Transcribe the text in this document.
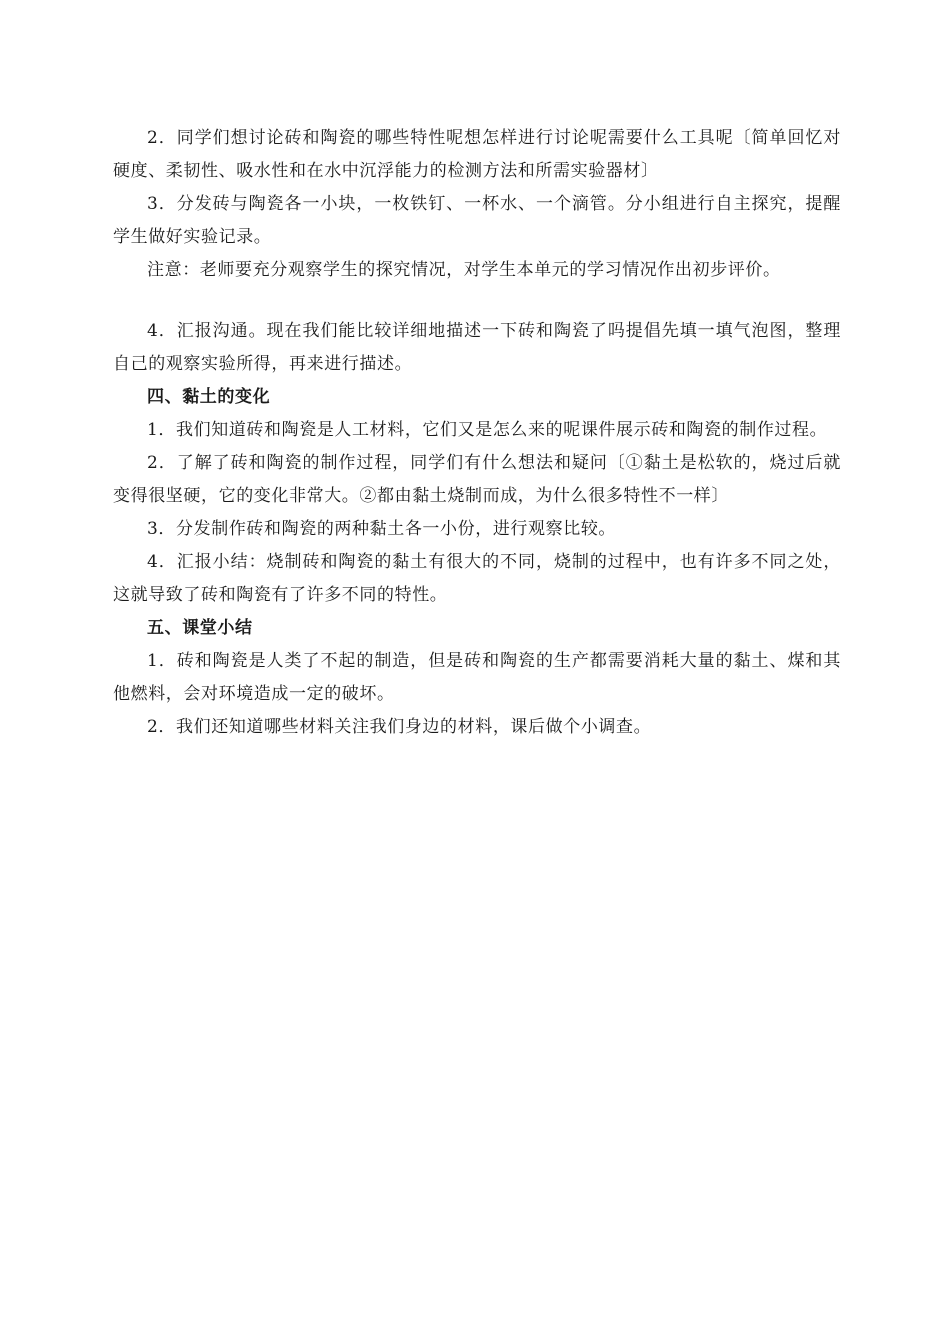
2．同学们想讨论砖和陶瓷的哪些特性呢想怎样进行讨论呢需要什么工具呢〔简单回忆对硬度、柔韧性、吸水性和在水中沉浮能力的检测方法和所需实验器材〕

3．分发砖与陶瓷各一小块，一枚铁钉、一杯水、一个滴管。分小组进行自主探究，提醒学生做好实验记录。

注意：老师要充分观察学生的探究情况，对学生本单元的学习情况作出初步评价。

4．汇报沟通。现在我们能比较详细地描述一下砖和陶瓷了吗提倡先填一填气泡图，整理自己的观察实验所得，再来进行描述。

四、黏土的变化

1．我们知道砖和陶瓷是人工材料，它们又是怎么来的呢课件展示砖和陶瓷的制作过程。

2．了解了砖和陶瓷的制作过程，同学们有什么想法和疑问〔①黏土是松软的，烧过后就变得很坚硬，它的变化非常大。②都由黏土烧制而成，为什么很多特性不一样〕

3．分发制作砖和陶瓷的两种黏土各一小份，进行观察比较。

4．汇报小结：烧制砖和陶瓷的黏土有很大的不同，烧制的过程中，也有许多不同之处，这就导致了砖和陶瓷有了许多不同的特性。

五、课堂小结

1．砖和陶瓷是人类了不起的制造，但是砖和陶瓷的生产都需要消耗大量的黏土、煤和其他燃料，会对环境造成一定的破坏。

2．我们还知道哪些材料关注我们身边的材料，课后做个小调查。
